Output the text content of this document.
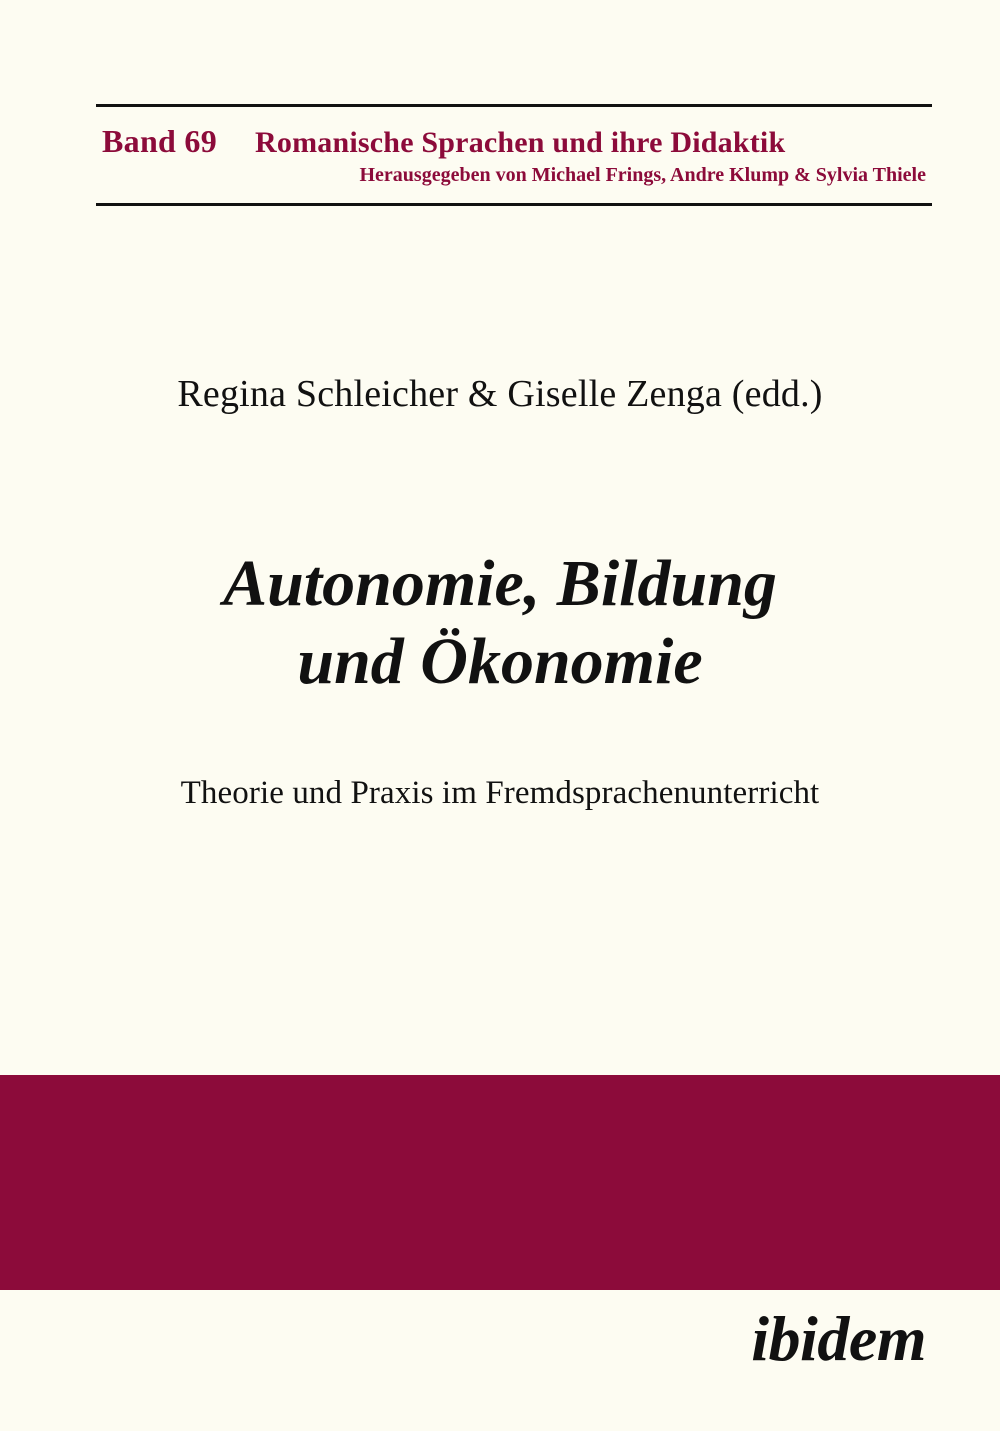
Band 69	Romanische Sprachen und ihre Didaktik
Herausgegeben von Michael Frings, Andre Klump & Sylvia Thiele
Regina Schleicher & Giselle Zenga (edd.)
Autonomie, Bildung
und Ökonomie
Theorie und Praxis im Fremdsprachenunterricht
ibidem
